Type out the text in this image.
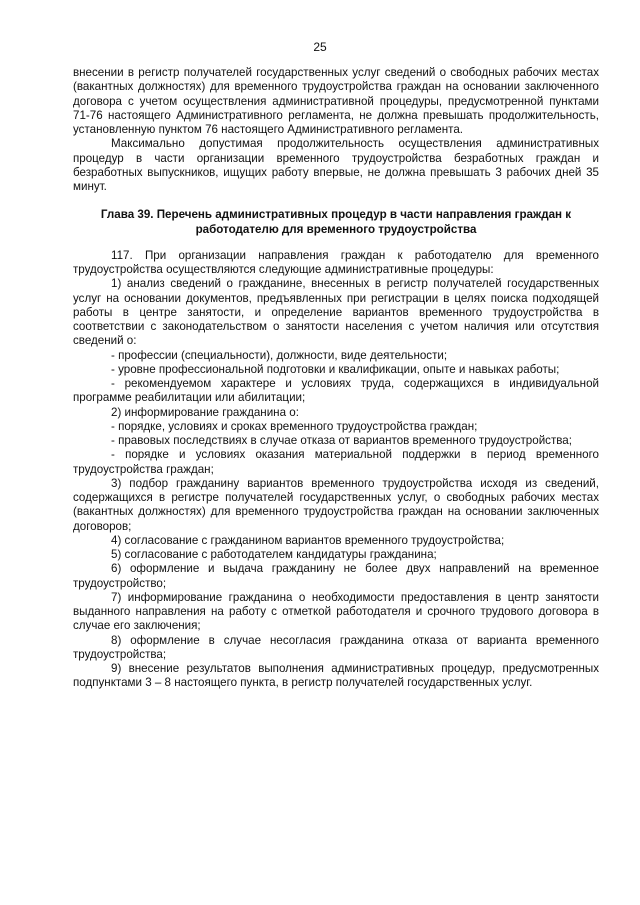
25

внесении в регистр получателей государственных услуг сведений о свободных рабочих местах (вакантных должностях) для временного трудоустройства граждан на основании заключенного договора с учетом осуществления административной процедуры, предусмотренной пунктами 71-76 настоящего Административного регламента, не должна превышать продолжительность, установленную пунктом 76 настоящего Административного регламента.

Максимально допустимая продолжительность осуществления административных процедур в части организации временного трудоустройства безработных граждан и безработных выпускников, ищущих работу впервые, не должна превышать 3 рабочих дней 35 минут.

Глава 39. Перечень административных процедур в части направления граждан к работодателю для временного трудоустройства

117. При организации направления граждан к работодателю для временного трудоустройства осуществляются следующие административные процедуры:

1) анализ сведений о гражданине, внесенных в регистр получателей государственных услуг на основании документов, предъявленных при регистрации в целях поиска подходящей работы в центре занятости, и определение вариантов временного трудоустройства в соответствии с законодательством о занятости населения с учетом наличия или отсутствия сведений о:

- профессии (специальности), должности, виде деятельности;

- уровне профессиональной подготовки и квалификации, опыте и навыках работы;

- рекомендуемом характере и условиях труда, содержащихся в индивидуальной программе реабилитации или абилитации;

2) информирование гражданина о:

- порядке, условиях и сроках временного трудоустройства граждан;

- правовых последствиях в случае отказа от вариантов временного трудоустройства;

- порядке и условиях оказания материальной поддержки в период временного трудоустройства граждан;

3) подбор гражданину вариантов временного трудоустройства исходя из сведений, содержащихся в регистре получателей государственных услуг, о свободных рабочих местах (вакантных должностях) для временного трудоустройства граждан на основании заключенных договоров;

4) согласование с гражданином вариантов временного трудоустройства;

5) согласование с работодателем кандидатуры гражданина;

6) оформление и выдача гражданину не более двух направлений на временное трудоустройство;

7) информирование гражданина о необходимости предоставления в центр занятости выданного направления на работу с отметкой работодателя и срочного трудового договора в случае его заключения;

8) оформление в случае несогласия гражданина отказа от варианта временного трудоустройства;

9) внесение результатов выполнения административных процедур, предусмотренных подпунктами 3 – 8 настоящего пункта, в регистр получателей государственных услуг.
